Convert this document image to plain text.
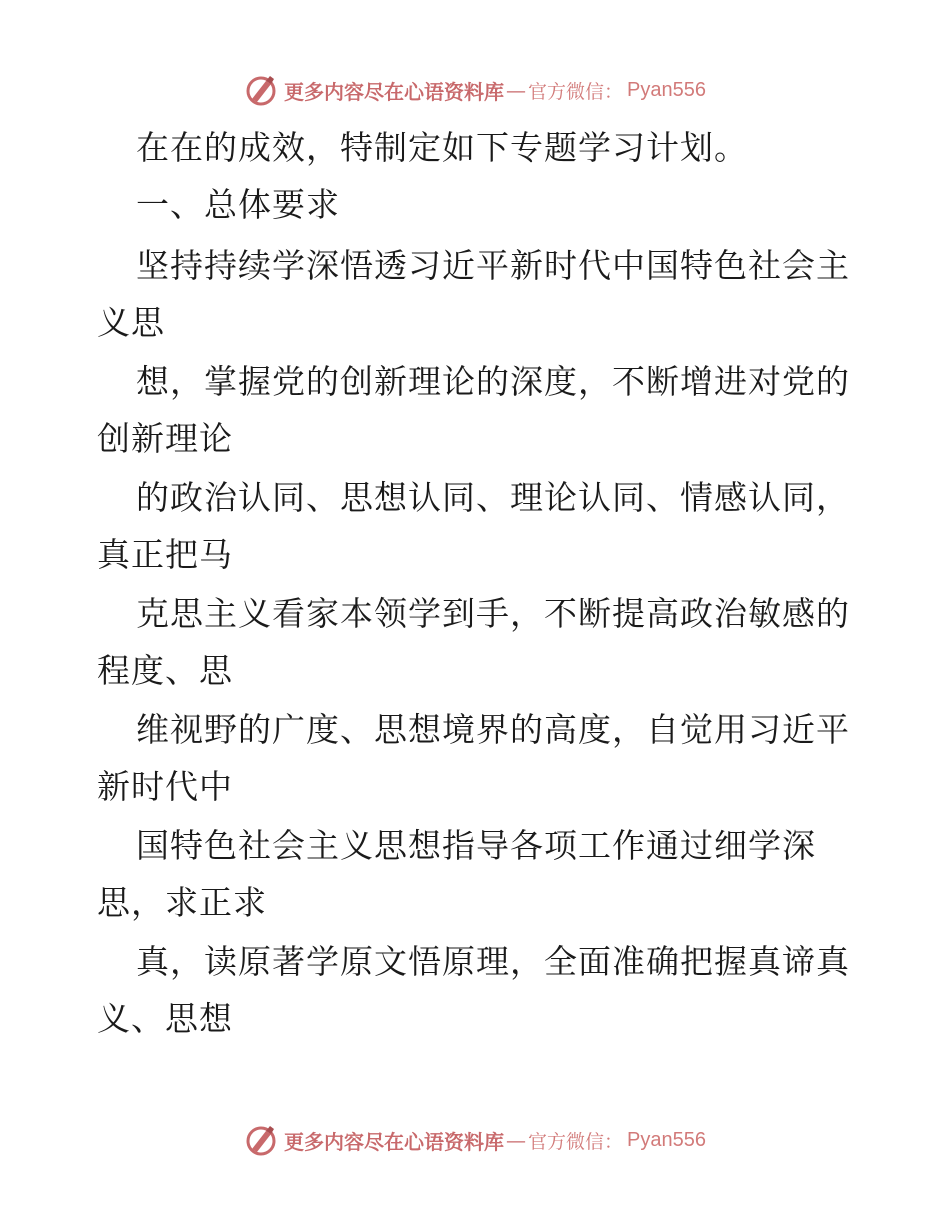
更多内容尽在心语资料库 — 官方微信： Pyan556
在在的成效，特制定如下专题学习计划。
一、总体要求
坚持持续学深悟透习近平新时代中国特色社会主
义思
想，掌握党的创新理论的深度，不断增进对党的
创新理论
的政治认同、思想认同、理论认同、情感认同，
真正把马
克思主义看家本领学到手，不断提高政治敏感的
程度、思
维视野的广度、思想境界的高度，自觉用习近平
新时代中
国特色社会主义思想指导各项工作通过细学深
思，求正求
真，读原著学原文悟原理，全面准确把握真谛真
义、思想
更多内容尽在心语资料库 — 官方微信： Pyan556
